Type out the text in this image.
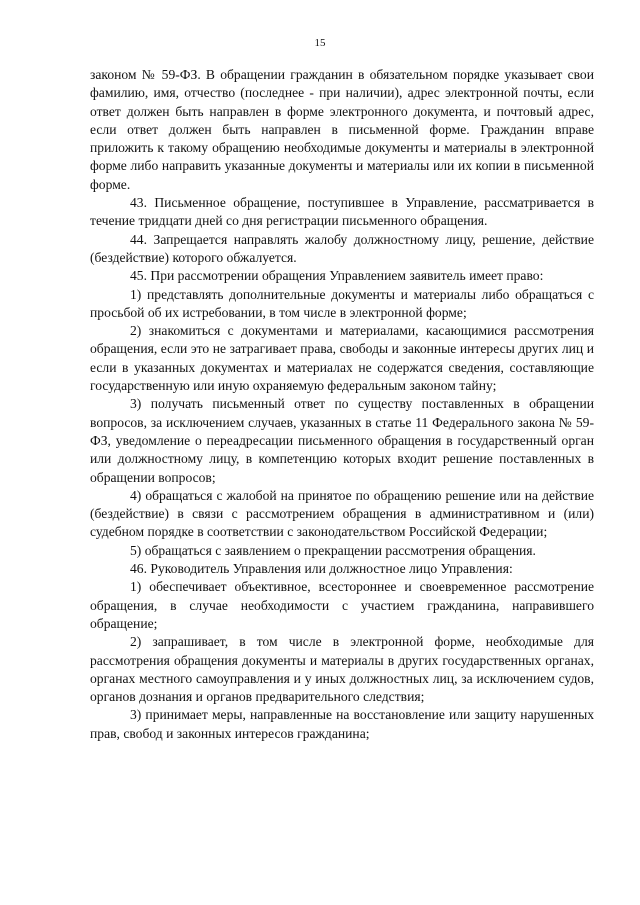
15

законом № 59-ФЗ. В обращении гражданин в обязательном порядке указывает свои фамилию, имя, отчество (последнее - при наличии), адрес электронной почты, если ответ должен быть направлен в форме электронного документа, и почтовый адрес, если ответ должен быть направлен в письменной форме. Гражданин вправе приложить к такому обращению необходимые документы и материалы в электронной форме либо направить указанные документы и материалы или их копии в письменной форме.

43. Письменное обращение, поступившее в Управление, рассматривается в течение тридцати дней со дня регистрации письменного обращения.

44. Запрещается направлять жалобу должностному лицу, решение, действие (бездействие) которого обжалуется.

45. При рассмотрении обращения Управлением заявитель имеет право:

1) представлять дополнительные документы и материалы либо обращаться с просьбой об их истребовании, в том числе в электронной форме;

2) знакомиться с документами и материалами, касающимися рассмотрения обращения, если это не затрагивает права, свободы и законные интересы других лиц и если в указанных документах и материалах не содержатся сведения, составляющие государственную или иную охраняемую федеральным законом тайну;

3) получать письменный ответ по существу поставленных в обращении вопросов, за исключением случаев, указанных в статье 11 Федерального закона № 59-ФЗ, уведомление о переадресации письменного обращения в государственный орган или должностному лицу, в компетенцию которых входит решение поставленных в обращении вопросов;

4) обращаться с жалобой на принятое по обращению решение или на действие (бездействие) в связи с рассмотрением обращения в административном и (или) судебном порядке в соответствии с законодательством Российской Федерации;

5) обращаться с заявлением о прекращении рассмотрения обращения.

46. Руководитель Управления или должностное лицо Управления:

1) обеспечивает объективное, всестороннее и своевременное рассмотрение обращения, в случае необходимости с участием гражданина, направившего обращение;

2) запрашивает, в том числе в электронной форме, необходимые для рассмотрения обращения документы и материалы в других государственных органах, органах местного самоуправления и у иных должностных лиц, за исключением судов, органов дознания и органов предварительного следствия;

3) принимает меры, направленные на восстановление или защиту нарушенных прав, свобод и законных интересов гражданина;
